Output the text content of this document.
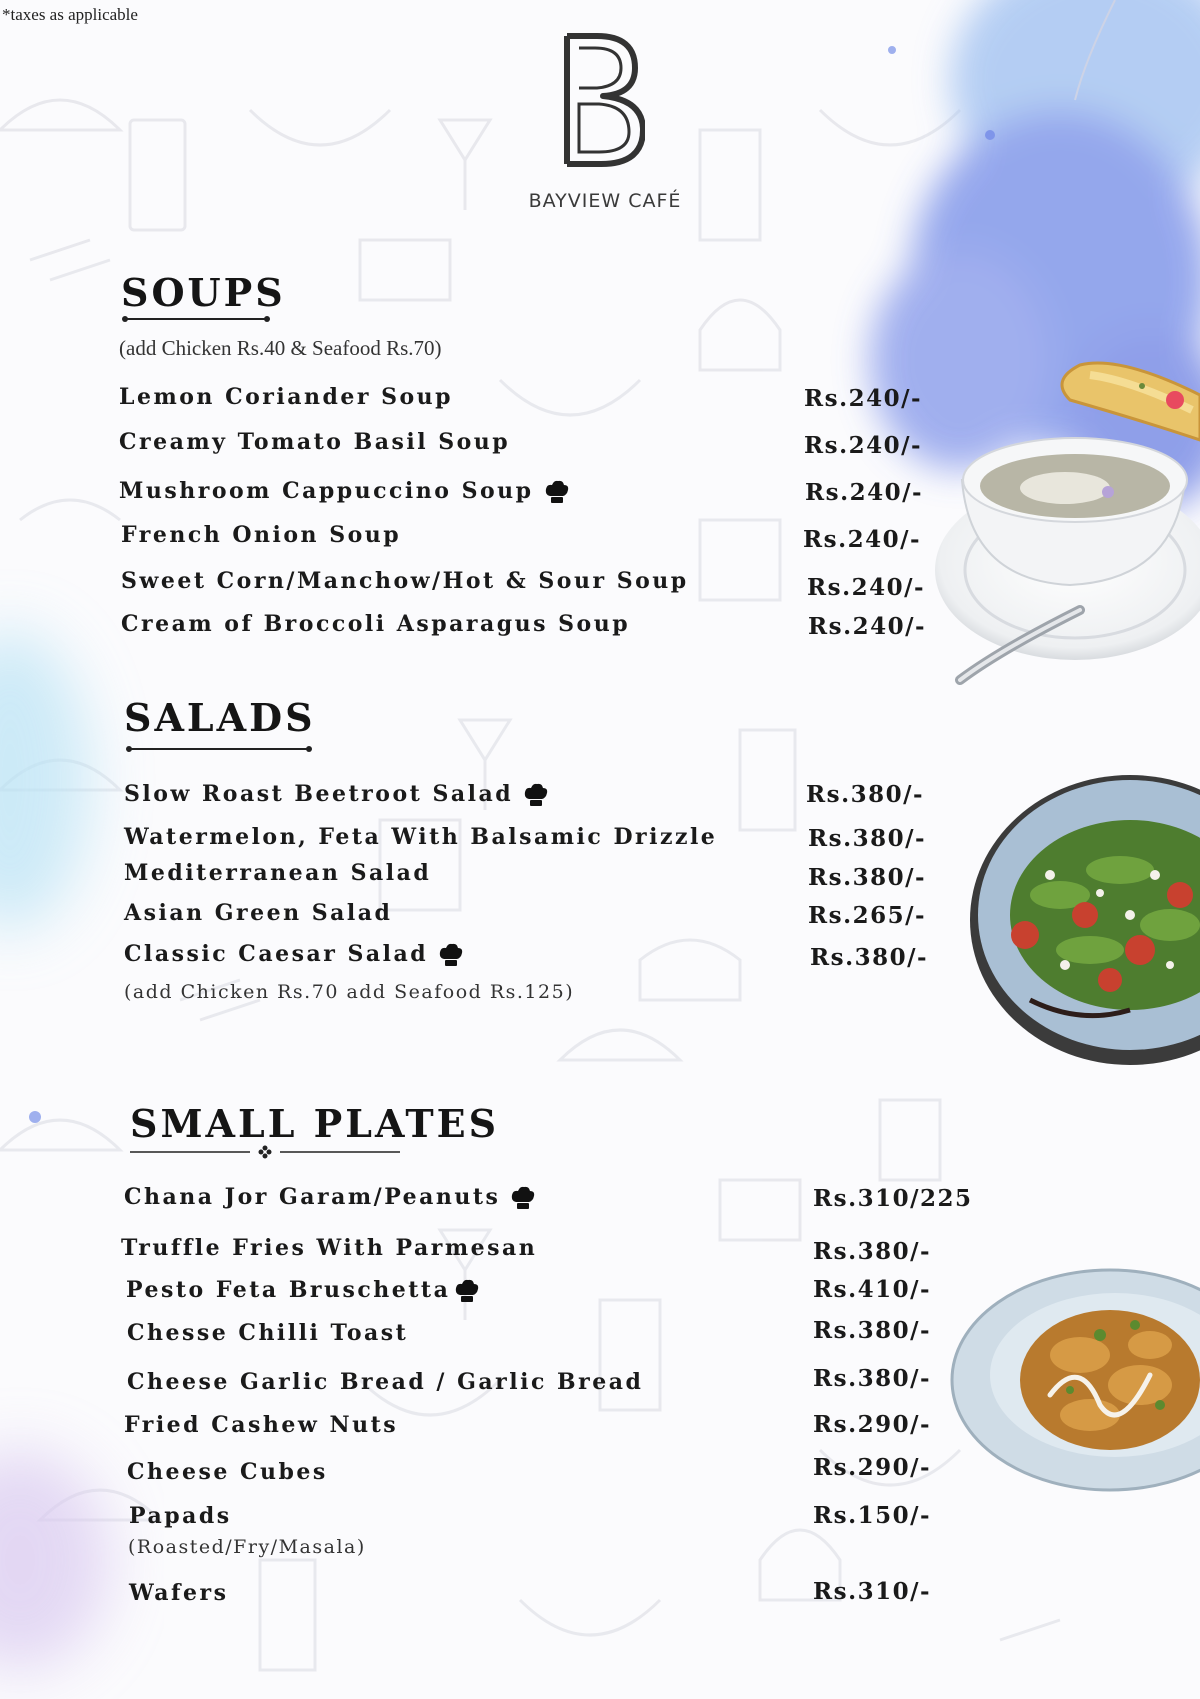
*taxes as applicable
BAYVIEW CAFÉ
SOUPS
(add Chicken Rs.40 & Seafood Rs.70)
Lemon Coriander Soup
Creamy Tomato Basil Soup
Mushroom Cappuccino Soup
French Onion Soup
Sweet Corn/Manchow/Hot & Sour Soup
Cream of Broccoli Asparagus Soup
Rs.240/-
Rs.240/-
Rs.240/-
Rs.240/-
Rs.240/-
Rs.240/-
SALADS
Slow Roast Beetroot Salad
Watermelon, Feta With Balsamic Drizzle
Mediterranean Salad
Asian Green Salad
Classic Caesar Salad
(add Chicken Rs.70 add Seafood Rs.125)
Rs.380/-
Rs.380/-
Rs.380/-
Rs.265/-
Rs.380/-
SMALL PLATES
Chana Jor Garam/Peanuts
Truffle Fries With Parmesan
Pesto Feta Bruschetta
Chesse Chilli Toast
Cheese Garlic Bread / Garlic Bread
Fried Cashew Nuts
Cheese Cubes
Papads
(Roasted/Fry/Masala)
Wafers
Rs.310/225
Rs.380/-
Rs.410/-
Rs.380/-
Rs.380/-
Rs.290/-
Rs.290/-
Rs.150/-
Rs.310/-
